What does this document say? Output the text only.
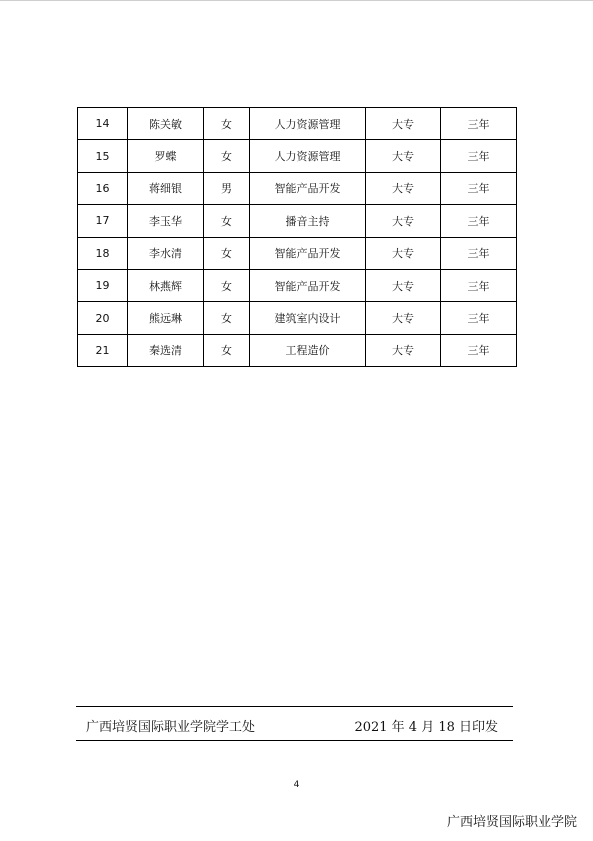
14	陈关敏	女	人力资源管理	大专	三年
15	罗蝶	女	人力资源管理	大专	三年
16	蒋细银	男	智能产品开发	大专	三年
17	李玉华	女	播音主持	大专	三年
18	李水清	女	智能产品开发	大专	三年
19	林燕辉	女	智能产品开发	大专	三年
20	熊远琳	女	建筑室内设计	大专	三年
21	秦选清	女	工程造价	大专	三年
广西培贤国际职业学院学工处	2021 年 4 月 18 日印发
4
广西培贤国际职业学院
